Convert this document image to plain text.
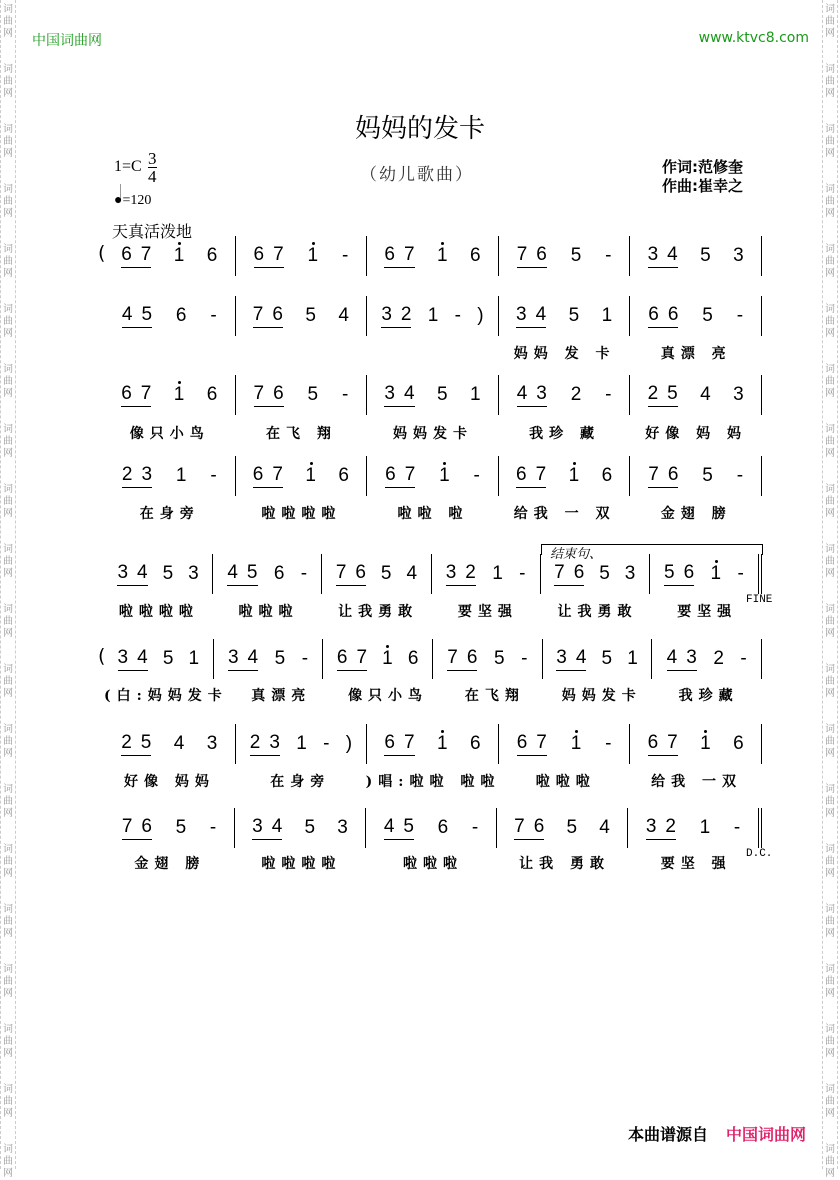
词曲网
词曲网
词曲网
词曲网
词曲网
词曲网
词曲网
词曲网
词曲网
词曲网
词曲网
词曲网
词曲网
词曲网
词曲网
词曲网
词曲网
词曲网
词曲网
词曲网
词曲网
词曲网
词曲网
词曲网
词曲网
词曲网
词曲网
词曲网
词曲网
词曲网
词曲网
词曲网
词曲网
词曲网
词曲网
词曲网
词曲网
词曲网
词曲网
词曲网
中国词曲网	www.ktvc8.com
妈妈的发卡
（幼儿歌曲）	作词:范修奎
作曲:崔幸之
$1=C \frac{3}{4}$
●=120
天真活泼地
结束句、
( 6 7 1 6 6 7 1 - 6 7 1 6 7 6 5 - 3 4 5 3
4 5 6 - 7 6 5 4 3 2 1 - ) 3 4 5 1 6 6 5 -
妈妈 发 卡	真漂 亮
6 7 1 6 7 6 5 - 3 4 5 1 4 3 2 - 2 5 4 3
像只小鸟	在飞 翔	妈妈发卡	我珍 藏	好像 妈 妈
2 3 1 - 6 7 1 6 6 7 1 - 6 7 1 6 7 6 5 -
在身旁	啦啦啦啦	啦啦 啦	给我 一 双	金翅 膀
3 4 5 3 4 5 6 - 7 6 5 4 3 2 1 - 7 6 5 3 5 6 1 -
FINE
啦啦啦啦	啦啦啦	让我勇敢	要坚强	让我勇敢	要坚强
( 3 4 5 1 3 4 5 - 6 7 1 6 7 6 5 - 3 4 5 1 4 3 2 -
(白:妈妈发卡	真漂亮	像只小鸟	在飞翔	妈妈发卡	我珍藏
2 5 4 3 2 3 1 - ) 6 7 1 6 6 7 1 - 6 7 1 6
好像 妈妈	在身旁	)唱:啦啦 啦啦	啦啦啦	给我 一双
7 6 5 - 3 4 5 3 4 5 6 - 7 6 5 4 3 2 1 -
D.C.
金翅 膀	啦啦啦啦	啦啦啦	让我 勇敢	要坚 强
本曲谱源自 中国词曲网
